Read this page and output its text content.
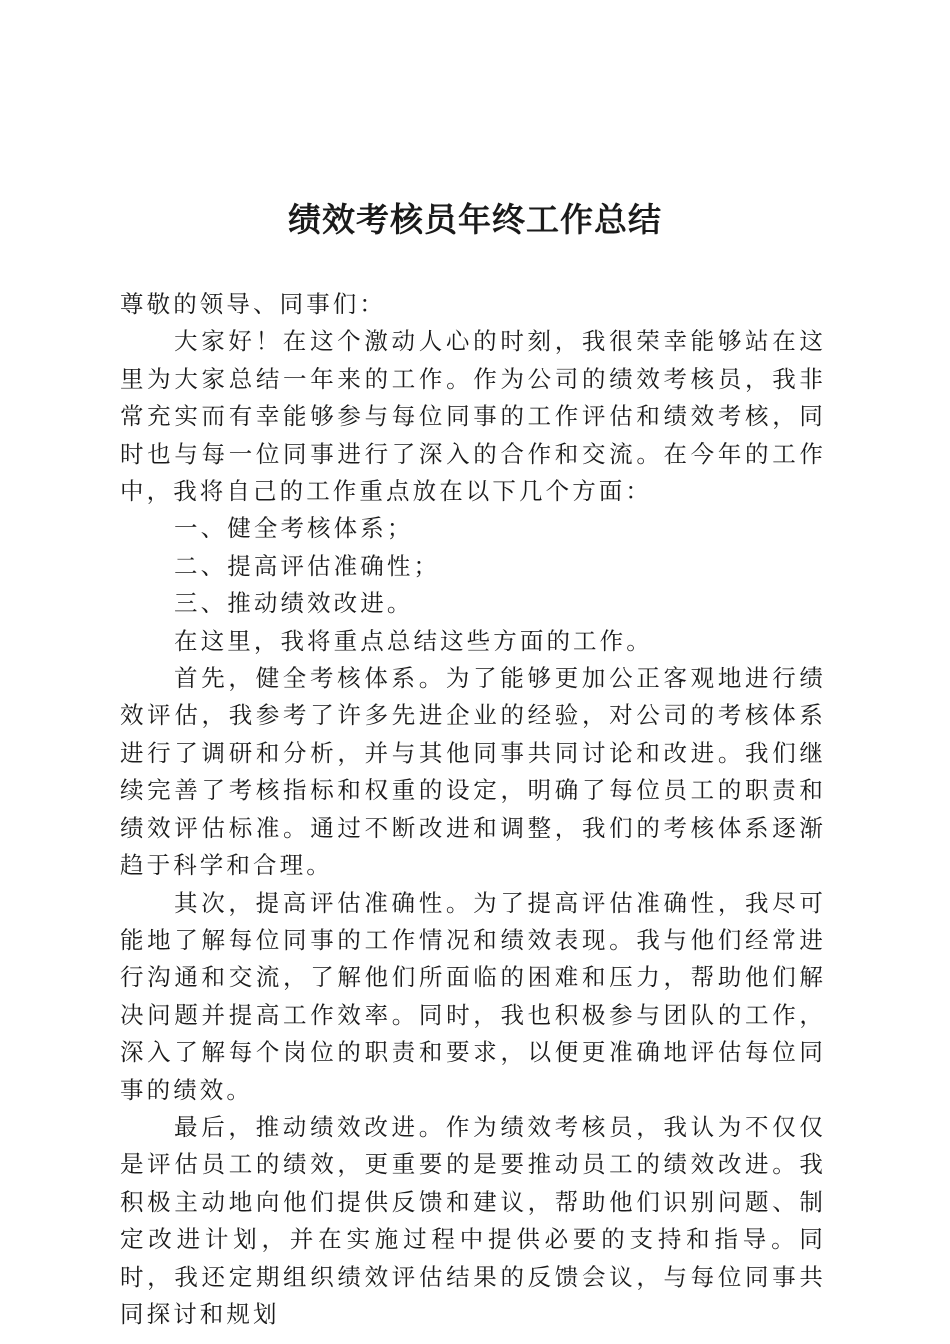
绩效考核员年终工作总结

尊敬的领导、同事们：

大家好！在这个激动人心的时刻，我很荣幸能够站在这里为大家总结一年来的工作。作为公司的绩效考核员，我非常充实而有幸能够参与每位同事的工作评估和绩效考核，同时也与每一位同事进行了深入的合作和交流。在今年的工作中，我将自己的工作重点放在以下几个方面：

一、健全考核体系；

二、提高评估准确性；

三、推动绩效改进。

在这里，我将重点总结这些方面的工作。

首先，健全考核体系。为了能够更加公正客观地进行绩效评估，我参考了许多先进企业的经验，对公司的考核体系进行了调研和分析，并与其他同事共同讨论和改进。我们继续完善了考核指标和权重的设定，明确了每位员工的职责和绩效评估标准。通过不断改进和调整，我们的考核体系逐渐趋于科学和合理。

其次，提高评估准确性。为了提高评估准确性，我尽可能地了解每位同事的工作情况和绩效表现。我与他们经常进行沟通和交流，了解他们所面临的困难和压力，帮助他们解决问题并提高工作效率。同时，我也积极参与团队的工作，深入了解每个岗位的职责和要求，以便更准确地评估每位同事的绩效。

最后，推动绩效改进。作为绩效考核员，我认为不仅仅是评估员工的绩效，更重要的是要推动员工的绩效改进。我积极主动地向他们提供反馈和建议，帮助他们识别问题、制定改进计划，并在实施过程中提供必要的支持和指导。同时，我还定期组织绩效评估结果的反馈会议，与每位同事共同探讨和规划
